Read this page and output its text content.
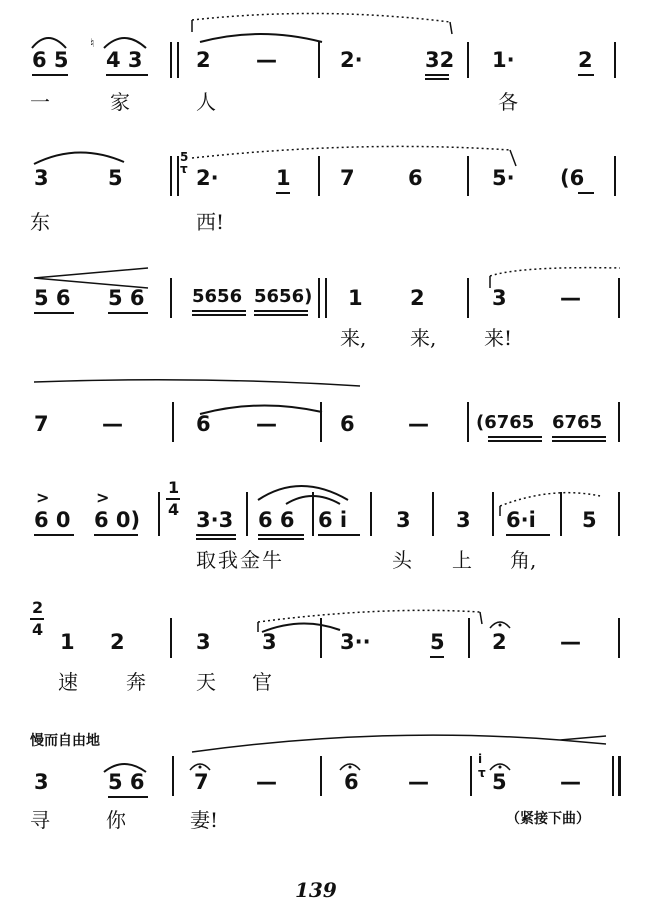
6 5
♮
4 3	2 —	2·	32 1·	2
一	家	人	各
3	5
5
τ 2·	1 7	6	5· (6
东	西!
5 6 5 6	5656 5656) 1 2	3	—
来, 来, 来!
7	—	6 —	6	—	(6765 6765
>	>
6 0 6 0)
1
4 3·3 6 6 6 i 3 3 6·i 5
取我金牛	头 上 角,
2
4
1 2	3 3	3··	5 2	—
速 奔	天 官
慢而自由地
3	5 6 7 —	6 —
i
τ 5	—
寻	你	妻!	（紧接下曲）
139
